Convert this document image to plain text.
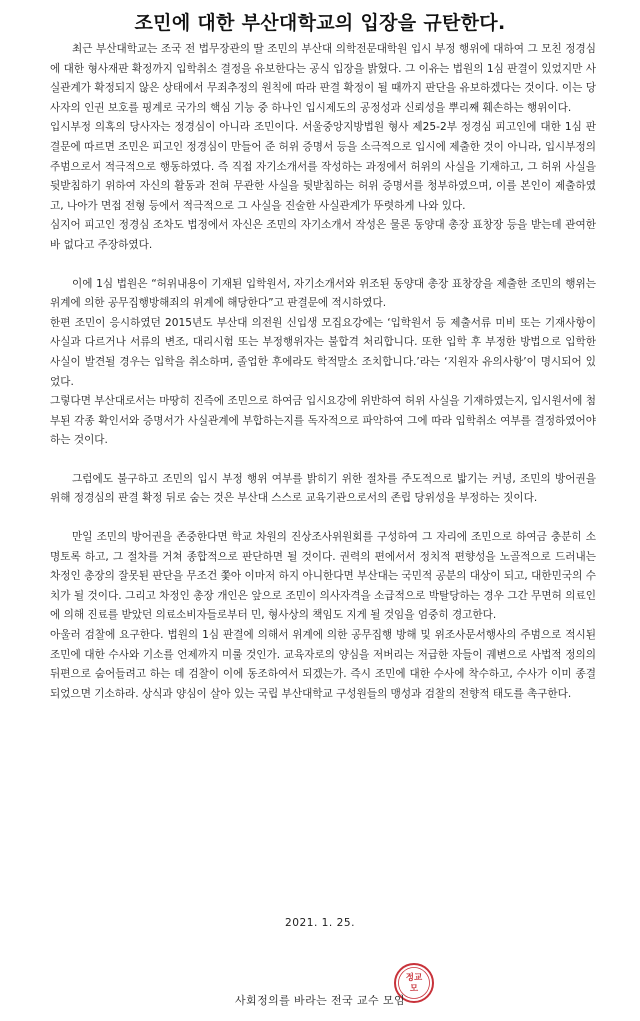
조민에 대한 부산대학교의 입장을 규탄한다.

최근 부산대학교는 조국 전 법무장관의 딸 조민의 부산대 의학전문대학원 입시 부정 행위에 대하여 그 모친 정경심에 대한 형사재판 확정까지 입학취소 결정을 유보한다는 공식 입장을 밝혔다. 그 이유는 법원의 1심 판결이 있었지만 사실관계가 확정되지 않은 상태에서 무죄추정의 원칙에 따라 판결 확정이 될 때까지 판단을 유보하겠다는 것이다. 이는 당사자의 인권 보호를 핑계로 국가의 핵심 기능 중 하나인 입시제도의 공정성과 신뢰성을 뿌리째 훼손하는 행위이다.

입시부정 의혹의 당사자는 정경심이 아니라 조민이다. 서울중앙지방법원 형사 제25-2부 정경심 피고인에 대한 1심 판결문에 따르면 조민은 피고인 정경심이 만들어 준 허위 증명서 등을 소극적으로 입시에 제출한 것이 아니라, 입시부정의 주범으로서 적극적으로 행동하였다. 즉 직접 자기소개서를 작성하는 과정에서 허위의 사실을 기재하고, 그 허위 사실을 뒷받침하기 위하여 자신의 활동과 전혀 무관한 사실을 뒷받침하는 허위 증명서를 청부하였으며, 이를 본인이 제출하였고, 나아가 면접 전형 등에서 적극적으로 그 사실을 진술한 사실관계가 뚜렷하게 나와 있다.

심지어 피고인 정경심 조차도 법정에서 자신은 조민의 자기소개서 작성은 물론 동양대 총장 표창장 등을 받는데 관여한 바 없다고 주장하였다.

이에 1심 법원은 “허위내용이 기재된 입학원서, 자기소개서와 위조된 동양대 총장 표창장을 제출한 조민의 행위는 위계에 의한 공무집행방해죄의 위계에 해당한다”고 판결문에 적시하였다.

한편 조민이 응시하였던 2015년도 부산대 의전원 신입생 모집요강에는 ‘입학원서 등 제출서류 미비 또는 기재사항이 사실과 다르거나 서류의 변조, 대리시험 또는 부정행위자는 불합격 처리합니다. 또한 입학 후 부정한 방법으로 입학한 사실이 발견될 경우는 입학을 취소하며, 졸업한 후에라도 학적말소 조치합니다.’라는 ‘지원자 유의사항’이 명시되어 있었다.

그렇다면 부산대로서는 마땅히 진즉에 조민으로 하여금 입시요강에 위반하여 허위 사실을 기재하였는지, 입시원서에 첨부된 각종 확인서와 증명서가 사실관계에 부합하는지를 독자적으로 파악하여 그에 따라 입학취소 여부를 결정하였어야 하는 것이다.

그럼에도 불구하고 조민의 입시 부정 행위 여부를 밝히기 위한 절차를 주도적으로 밟기는 커녕, 조민의 방어권을 위해 정경심의 판결 확정 뒤로 숨는 것은 부산대 스스로 교육기관으로서의 존립 당위성을 부정하는 짓이다.

만일 조민의 방어권을 존중한다면 학교 차원의 진상조사위원회를 구성하여 그 자리에 조민으로 하여금 충분히 소명토록 하고, 그 절차를 거쳐 종합적으로 판단하면 될 것이다. 권력의 편에서서 정치적 편향성을 노골적으로 드러내는 차정인 총장의 잘못된 판단을 무조건 쫓아 이마저 하지 아니한다면 부산대는 국민적 공분의 대상이 되고, 대한민국의 수치가 될 것이다. 그리고 차정인 총장 개인은 앞으로 조민이 의사자격을 소급적으로 박탈당하는 경우 그간 무면허 의료인에 의해 진료를 받았던 의료소비자들로부터 민, 형사상의 책임도 지게 될 것임을 엄중히 경고한다.

아울러 검찰에 요구한다. 법원의 1심 판결에 의해서 위계에 의한 공무집행 방해 및 위조사문서행사의 주범으로 적시된 조민에 대한 수사와 기소를 언제까지 미룰 것인가. 교육자로의 양심을 저버리는 저급한 자들이 궤변으로 사법적 정의의 뒤편으로 숨어들려고 하는 데 검찰이 이에 동조하여서 되겠는가. 즉시 조민에 대한 수사에 착수하고, 수사가 이미 종결되었으면 기소하라. 상식과 양심이 살아 있는 국립 부산대학교 구성원들의 맹성과 검찰의 전향적 태도를 촉구한다.

2021. 1. 25.
정교
모
사회정의를 바라는 전국 교수 모임
